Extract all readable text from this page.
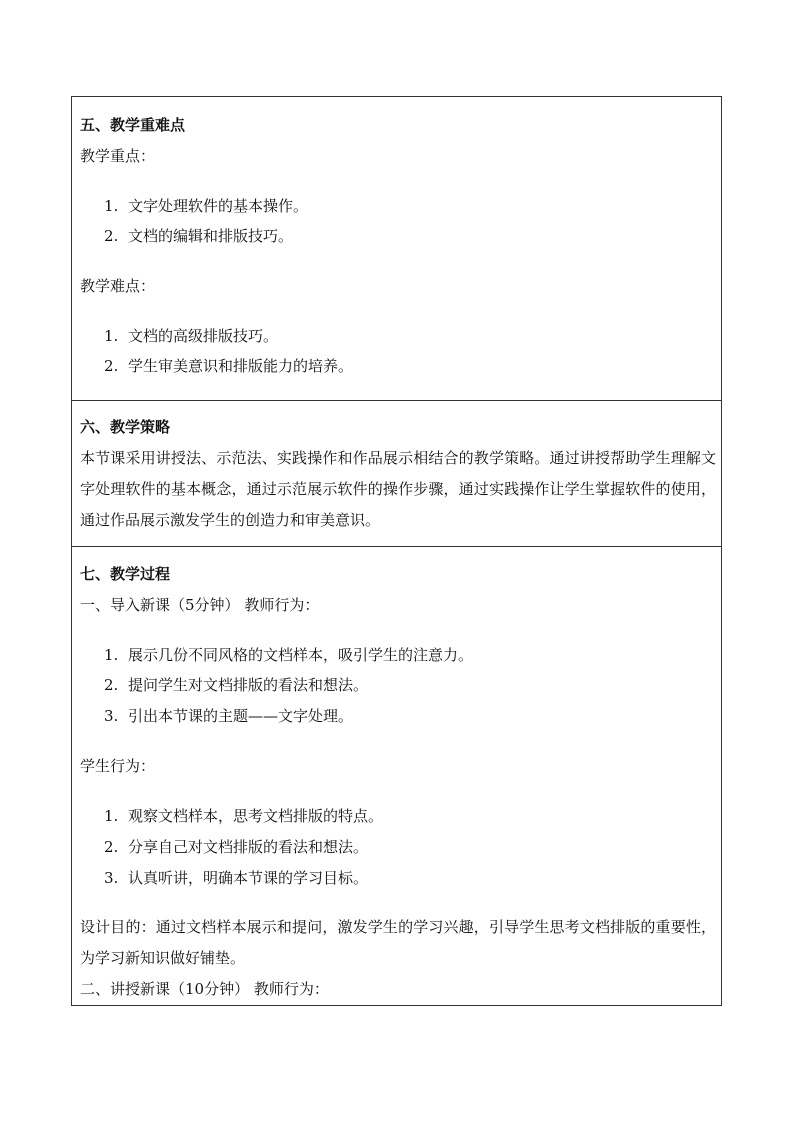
五、教学重难点
教学重点：
1. 文字处理软件的基本操作。
2. 文档的编辑和排版技巧。
教学难点：
1. 文档的高级排版技巧。
2. 学生审美意识和排版能力的培养。
六、教学策略
本节课采用讲授法、示范法、实践操作和作品展示相结合的教学策略。通过讲授帮助学生理解文字处理软件的基本概念，通过示范展示软件的操作步骤，通过实践操作让学生掌握软件的使用，通过作品展示激发学生的创造力和审美意识。
七、教学过程
一、导入新课（5分钟） 教师行为：
1. 展示几份不同风格的文档样本，吸引学生的注意力。
2. 提问学生对文档排版的看法和想法。
3. 引出本节课的主题——文字处理。
学生行为：
1. 观察文档样本，思考文档排版的特点。
2. 分享自己对文档排版的看法和想法。
3. 认真听讲，明确本节课的学习目标。
设计目的：通过文档样本展示和提问，激发学生的学习兴趣，引导学生思考文档排版的重要性，为学习新知识做好铺垫。
二、讲授新课（10分钟） 教师行为：
